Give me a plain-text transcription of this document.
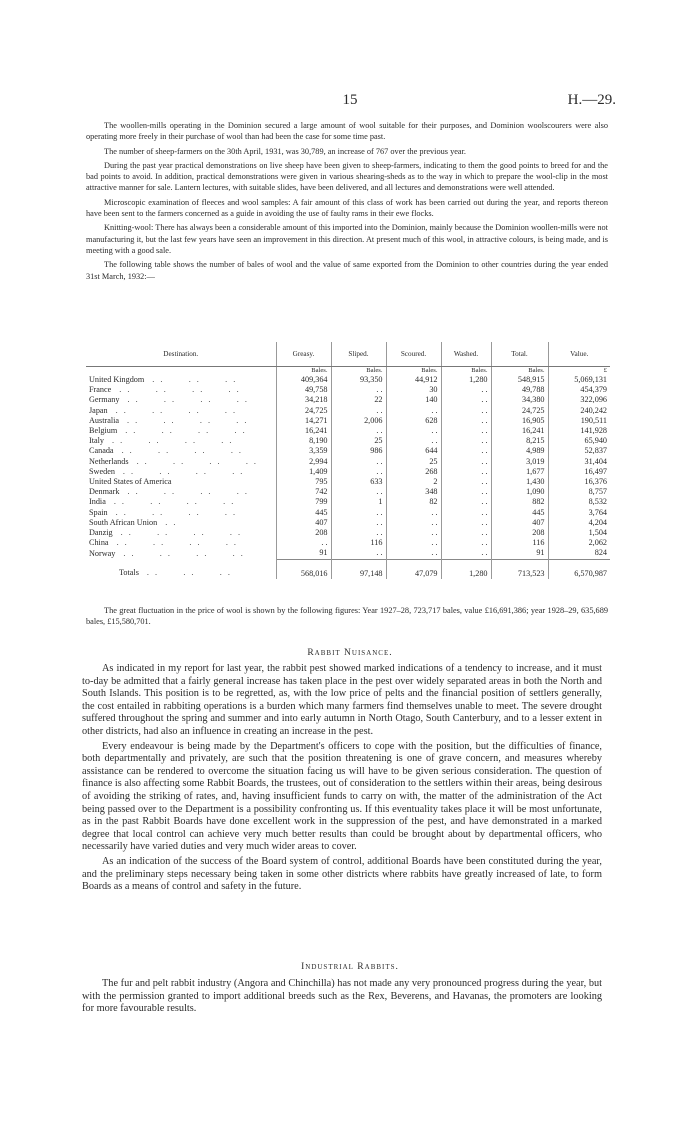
15	H.—29.

The woollen-mills operating in the Dominion secured a large amount of wool suitable for their purposes, and Dominion woolscourers were also operating more freely in their purchase of wool than had been the case for some time past.

The number of sheep-farmers on the 30th April, 1931, was 30,789, an increase of 767 over the previous year.

During the past year practical demonstrations on live sheep have been given to sheep-farmers, indicating to them the good points to breed for and the bad points to avoid. In addition, practical demonstrations were given in various shearing-sheds as to the way in which to prepare the wool-clip in the most attractive manner for sale. Lantern lectures, with suitable slides, have been delivered, and all lectures and demonstrations were well attended.

Microscopic examination of fleeces and wool samples: A fair amount of this class of work has been carried out during the year, and reports thereon have been sent to the farmers concerned as a guide in avoiding the use of faulty rams in their ewe flocks.

Knitting-wool: There has always been a considerable amount of this imported into the Dominion, mainly because the Dominion woollen-mills were not manufacturing it, but the last few years have seen an improvement in this direction. At present much of this wool, in attractive colours, is being made, and is meeting with a good sale.

The following table shows the number of bales of wool and the value of same exported from the Dominion to other countries during the year ended 31st March, 1932:—

Destination.	Greasy.	Sliped.	Scoured.	Washed.	Total.	Value.
	Bales.	Bales.	Bales.	Bales.	Bales.	£
United Kingdom . .      . .      . .	409,364	93,350	44,912	1,280	548,915	5,069,131
France . .      . .      . .      . .	49,758	. .	30	. .	49,788	454,379
Germany . .      . .      . .      . .	34,218	22	140	. .	34,380	322,096
Japan . .      . .      . .      . .	24,725	. .	. .	. .	24,725	240,242
Australia . .      . .      . .      . .	14,271	2,006	628	. .	16,905	190,511
Belgium . .      . .      . .      . .	16,241	. .	. .	. .	16,241	141,928
Italy . .      . .      . .      . .	8,190	25	. .	. .	8,215	65,940
Canada . .      . .      . .      . .	3,359	986	644	. .	4,989	52,837
Netherlands . .      . .      . .      . .	2,994	. .	25	. .	3,019	31,404
Sweden . .      . .      . .      . .	1,409	. .	268	. .	1,677	16,497
United States of America	795	633	2	. .	1,430	16,376
Denmark . .      . .      . .      . .	742	. .	348	. .	1,090	8,757
India . .      . .      . .      . .	799	1	82	. .	882	8,532
Spain . .      . .      . .      . .	445	. .	. .	. .	445	3,764
South African Union . .	407	. .	. .	. .	407	4,204
Danzig . .      . .      . .      . .	208	. .	. .	. .	208	1,504
China . .      . .      . .      . .	. .	116	. .	. .	116	2,062
Norway . .      . .      . .      . .	91	. .	. .	. .	91	824
Totals . .      . .      . .	568,016	97,148	47,079	1,280	713,523	6,570,987

The great fluctuation in the price of wool is shown by the following figures: Year 1927–28, 723,717 bales, value £16,691,386; year 1928–29, 635,689 bales, £15,580,701.

Rabbit Nuisance.

As indicated in my report for last year, the rabbit pest showed marked indications of a tendency to increase, and it must to-day be admitted that a fairly general increase has taken place in the pest over widely separated areas in both the North and South Islands. This position is to be regretted, as, with the low price of pelts and the financial position of settlers generally, the cost entailed in rabbiting operations is a burden which many farmers find themselves unable to meet. The severe drought suffered throughout the spring and summer and into early autumn in North Otago, South Canterbury, and to a lesser extent in other districts, had also an influence in creating an increase in the pest.

Every endeavour is being made by the Department's officers to cope with the position, but the difficulties of finance, both departmentally and privately, are such that the position threatening is one of grave concern, and measures whereby assistance can be rendered to overcome the situation facing us will have to be given serious consideration. The question of finance is also affecting some Rabbit Boards, the trustees, out of consideration to the settlers within their areas, being desirous of avoiding the striking of rates, and, having insufficient funds to carry on with, the matter of the administration of the Act being passed over to the Department is a possibility confronting us. If this eventuality takes place it will be most unfortunate, as in the past Rabbit Boards have done excellent work in the suppression of the pest, and have demonstrated in a marked degree that local control can achieve very much better results than could be brought about by departmental officers, who necessarily have varied duties and very much wider areas to cover.

As an indication of the success of the Board system of control, additional Boards have been constituted during the year, and the preliminary steps necessary being taken in some other districts where rabbits have greatly increased of late, to form Boards as a means of control and safety in the future.

Industrial Rabbits.

The fur and pelt rabbit industry (Angora and Chinchilla) has not made any very pronounced progress during the year, but with the permission granted to import additional breeds such as the Rex, Beverens, and Havanas, the promoters are looking for more favourable results.
